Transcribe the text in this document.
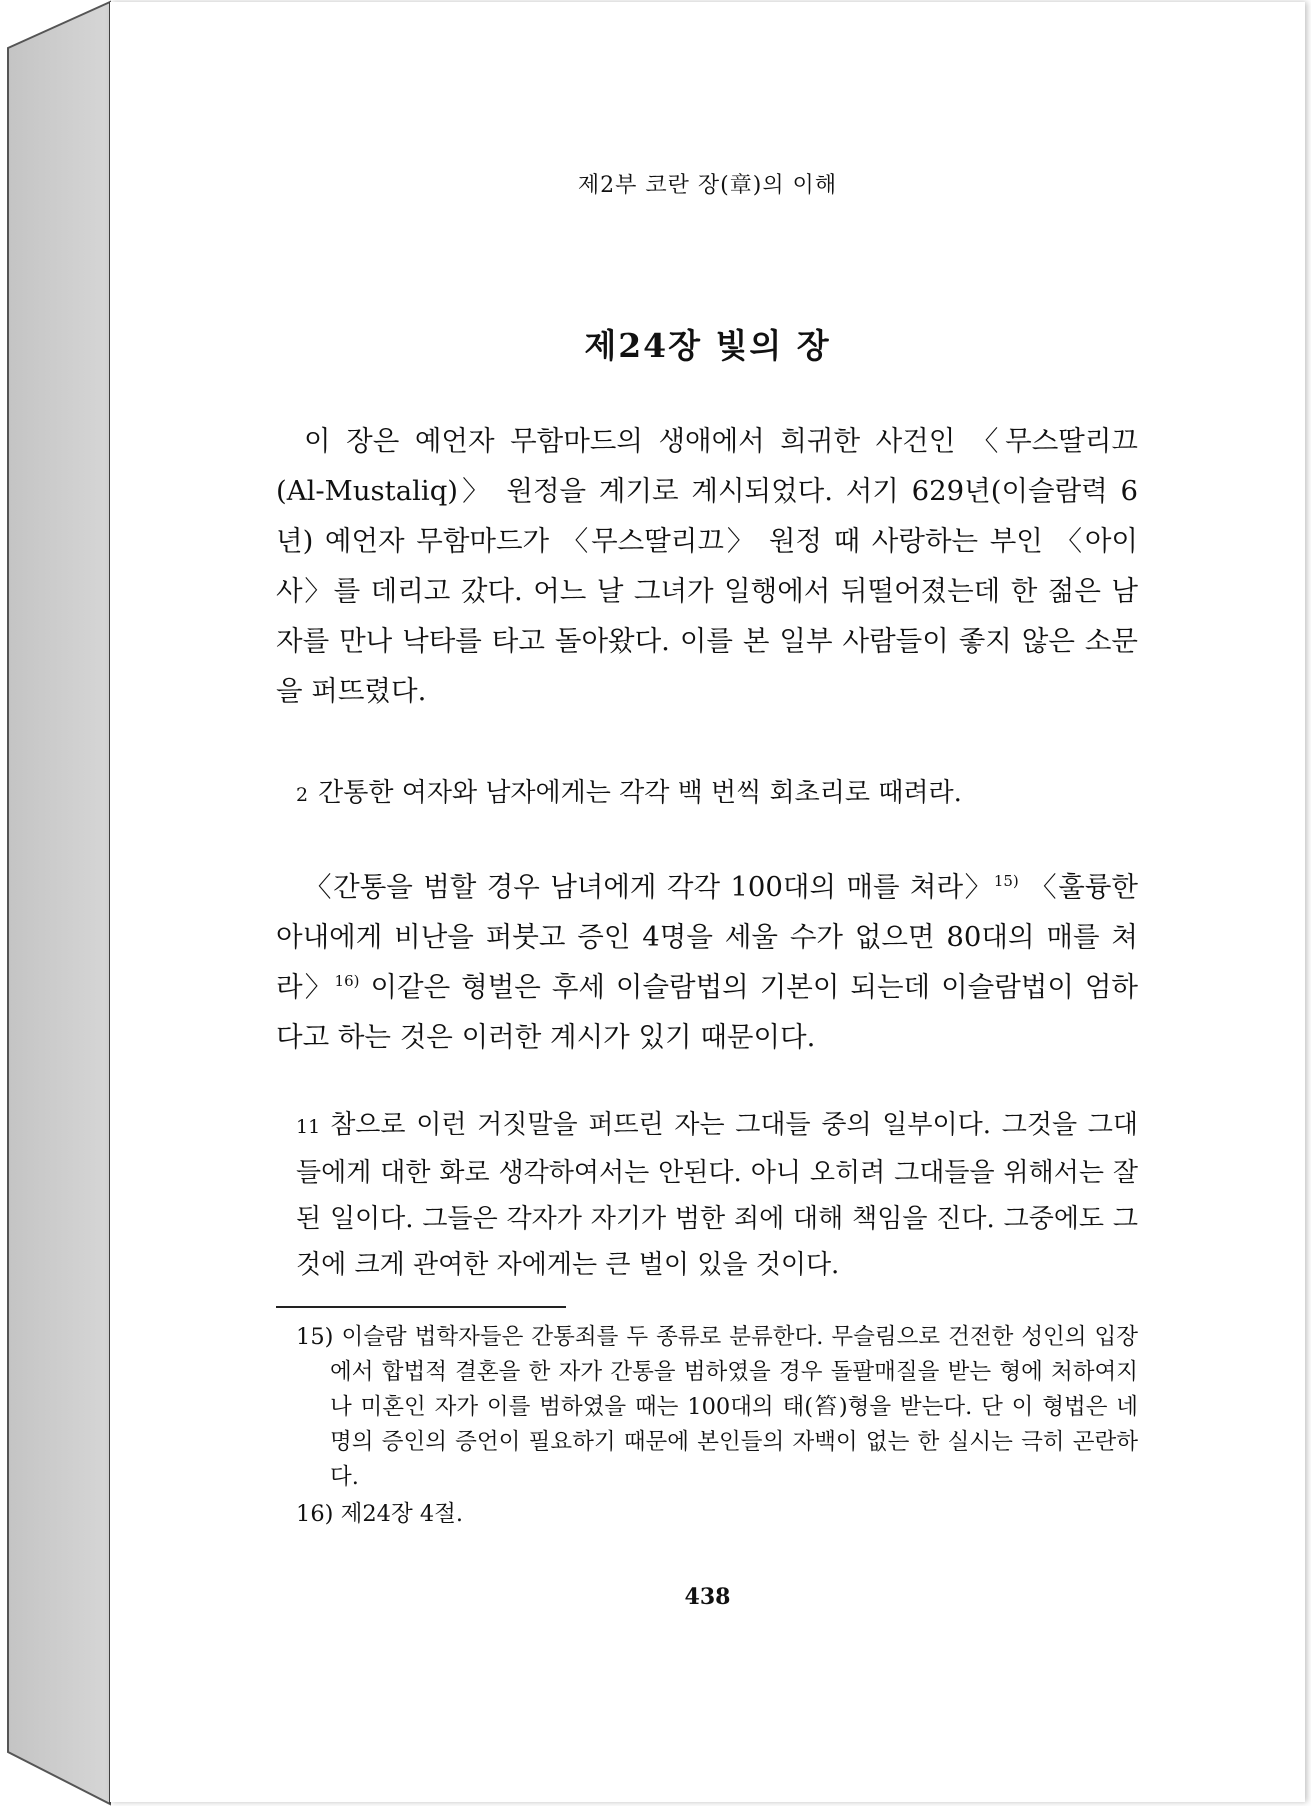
제2부 코란 장(章)의 이해
제24장 빛의 장
이 장은 예언자 무함마드의 생애에서 희귀한 사건인 〈무스딸리끄 (Al-Mustaliq)〉 원정을 계기로 계시되었다. 서기 629년(이슬람력 6년) 예언자 무함마드가 〈무스딸리끄〉 원정 때 사랑하는 부인 〈아이사〉를 데리고 갔다. 어느 날 그녀가 일행에서 뒤떨어졌는데 한 젊은 남자를 만나 낙타를 타고 돌아왔다. 이를 본 일부 사람들이 좋지 않은 소문을 퍼뜨렸다.
2 간통한 여자와 남자에게는 각각 백 번씩 회초리로 때려라.
〈간통을 범할 경우 남녀에게 각각 100대의 매를 쳐라〉$^{15)}$ 〈훌륭한 아내에게 비난을 퍼붓고 증인 4명을 세울 수가 없으면 80대의 매를 쳐라〉$^{16)}$ 이같은 형벌은 후세 이슬람법의 기본이 되는데 이슬람법이 엄하다고 하는 것은 이러한 계시가 있기 때문이다.
11 참으로 이런 거짓말을 퍼뜨린 자는 그대들 중의 일부이다. 그것을 그대들에게 대한 화로 생각하여서는 안된다. 아니 오히려 그대들을 위해서는 잘된 일이다. 그들은 각자가 자기가 범한 죄에 대해 책임을 진다. 그중에도 그것에 크게 관여한 자에게는 큰 벌이 있을 것이다.
15) 이슬람 법학자들은 간통죄를 두 종류로 분류한다. 무슬림으로 건전한 성인의 입장에서 합법적 결혼을 한 자가 간통을 범하였을 경우 돌팔매질을 받는 형에 처하여지나 미혼인 자가 이를 범하였을 때는 100대의 태(笞)형을 받는다. 단 이 형법은 네 명의 증인의 증언이 필요하기 때문에 본인들의 자백이 없는 한 실시는 극히 곤란하다.
16) 제24장 4절.
438
